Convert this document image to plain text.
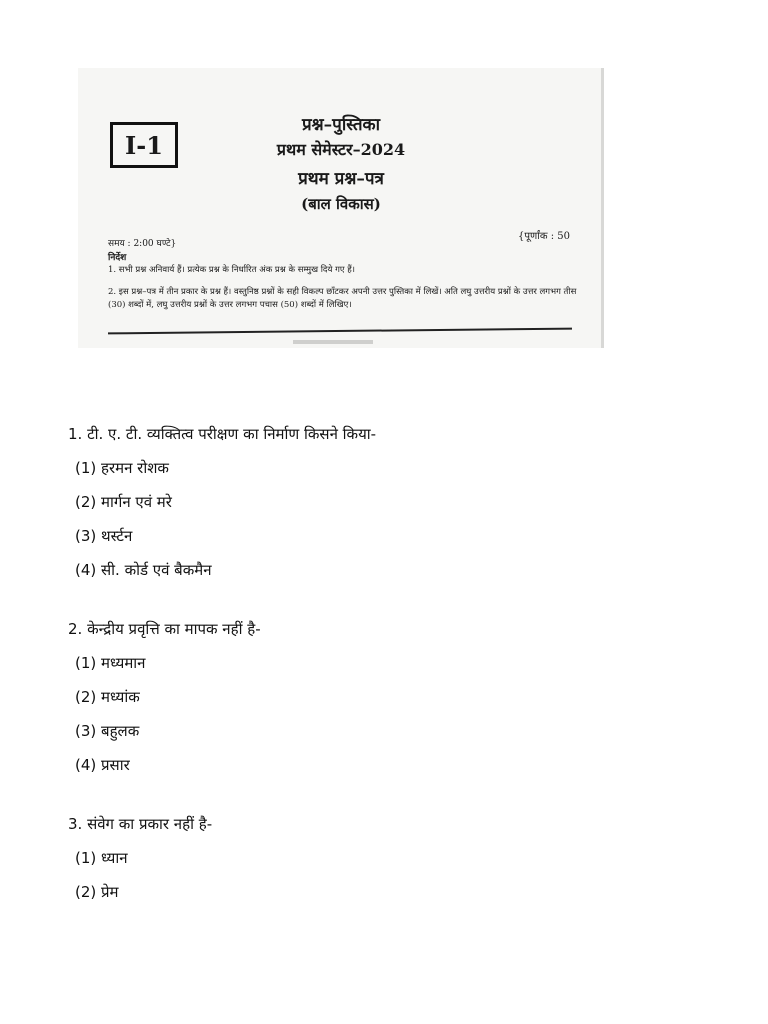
I-1
प्रश्न–पुस्तिका
प्रथम सेमेस्टर–2024
प्रथम प्रश्न–पत्र
(बाल विकास)
समय : 2:00 घण्टे}
{पूर्णांक : 50
निर्देश
1. सभी प्रश्न अनिवार्य हैं। प्रत्येक प्रश्न के निर्धारित अंक प्रश्न के सम्मुख दिये गए हैं।
2. इस प्रश्न–पत्र में तीन प्रकार के प्रश्न हैं। वस्तुनिष्ठ प्रश्नों के सही विकल्प छाँटकर अपनी उत्तर पुस्तिका में लिखें। अति लघु उत्तरीय प्रश्नों के उत्तर लगभग तीस (30) शब्दों में, लघु उत्तरीय प्रश्नों के उत्तर लगभग पचास (50) शब्दों में लिखिए।
1. टी. ए. टी. व्यक्तित्व परीक्षण का निर्माण किसने किया-
(1) हरमन रोशक
(2) मार्गन एवं मरे
(3) थर्स्टन
(4) सी. कोर्ड एवं बैकमैन
2. केन्द्रीय प्रवृत्ति का मापक नहीं है-
(1) मध्यमान
(2) मध्यांक
(3) बहुलक
(4) प्रसार
3. संवेग का प्रकार नहीं है-
(1) ध्यान
(2) प्रेम
